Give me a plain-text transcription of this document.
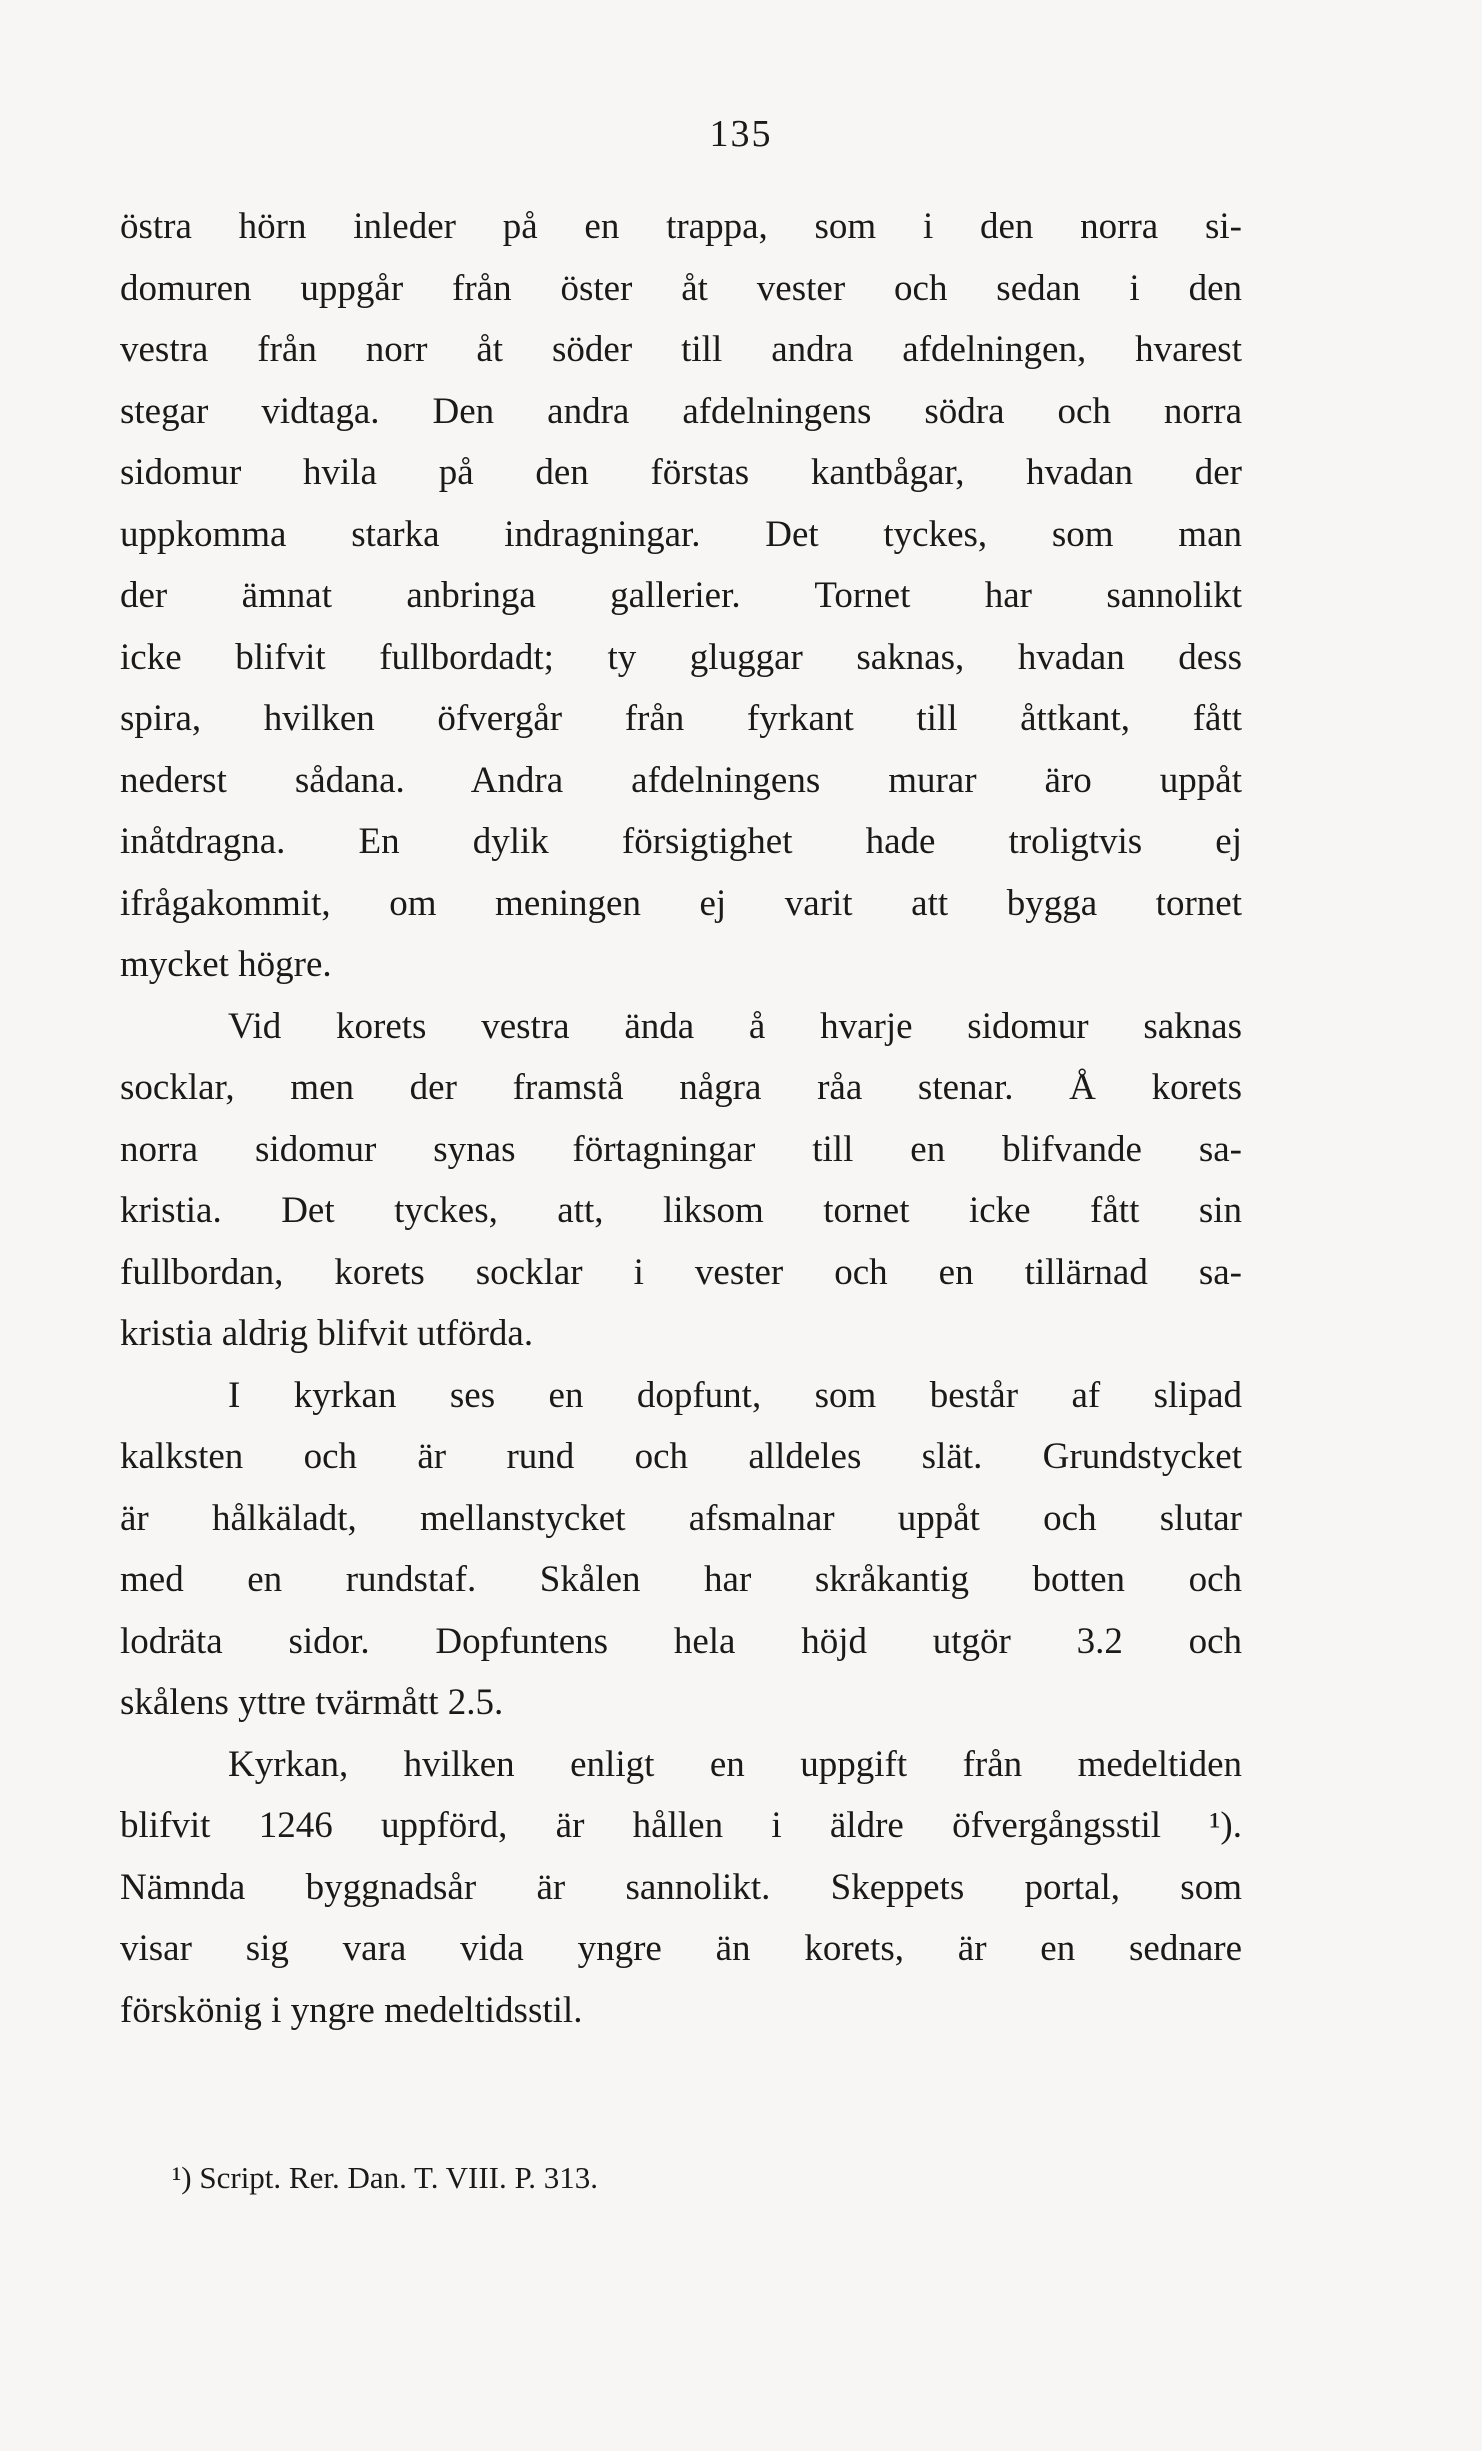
135
östra hörn inleder på en trappa, som i den norra si-
domuren uppgår från öster åt vester och sedan i den
vestra från norr åt söder till andra afdelningen, hvarest
stegar vidtaga. Den andra afdelningens södra och norra
sidomur hvila på den förstas kantbågar, hvadan der
uppkomma starka indragningar. Det tyckes, som man
der ämnat anbringa gallerier. Tornet har sannolikt
icke blifvit fullbordadt; ty gluggar saknas, hvadan dess
spira, hvilken öfvergår från fyrkant till åttkant, fått
nederst sådana. Andra afdelningens murar äro uppåt
inåtdragna. En dylik försigtighet hade troligtvis ej
ifrågakommit, om meningen ej varit att bygga tornet
mycket högre.
Vid korets vestra ända å hvarje sidomur saknas
socklar, men der framstå några råa stenar. Å korets
norra sidomur synas förtagningar till en blifvande sa-
kristia. Det tyckes, att, liksom tornet icke fått sin
fullbordan, korets socklar i vester och en tillärnad sa-
kristia aldrig blifvit utförda.
I kyrkan ses en dopfunt, som består af slipad
kalksten och är rund och alldeles slät. Grundstycket
är hålkäladt, mellanstycket afsmalnar uppåt och slutar
med en rundstaf. Skålen har skråkantig botten och
lodräta sidor. Dopfuntens hela höjd utgör 3.2 och
skålens yttre tvärmått 2.5.
Kyrkan, hvilken enligt en uppgift från medeltiden
blifvit 1246 uppförd, är hållen i äldre öfvergångsstil ¹).
Nämnda byggnadsår är sannolikt. Skeppets portal, som
visar sig vara vida yngre än korets, är en sednare
förskönig i yngre medeltidsstil.
¹) Script. Rer. Dan. T. VIII. P. 313.
